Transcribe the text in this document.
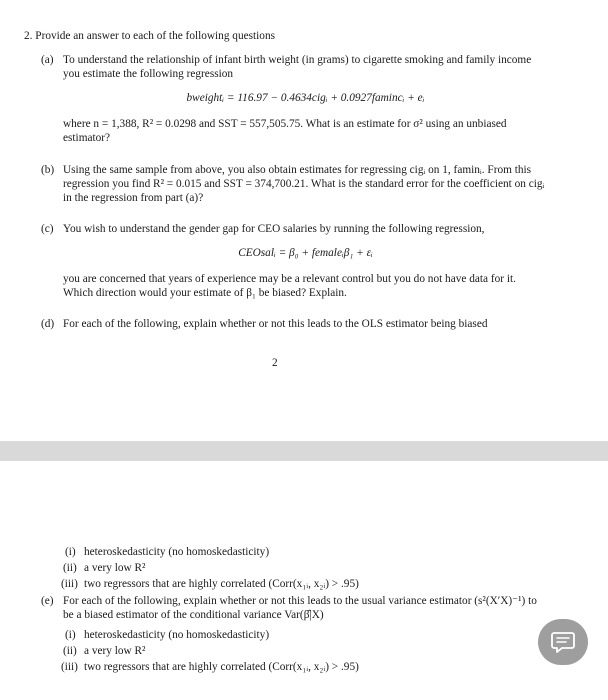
2. Provide an answer to each of the following questions
(a) To understand the relationship of infant birth weight (in grams) to cigarette smoking and family income you estimate the following regression
bweightᵢ = 116.97 − 0.4634cigᵢ + 0.0927famincᵢ + eᵢ
where n = 1,388, R² = 0.0298 and SST = 557,505.75. What is an estimate for σ² using an unbiased estimator?
(b) Using the same sample from above, you also obtain estimates for regressing cigᵢ on 1, faminᵢ. From this regression you find R² = 0.015 and SST = 374,700.21. What is the standard error for the coefficient on cigᵢ in the regression from part (a)?
(c) You wish to understand the gender gap for CEO salaries by running the following regression,
CEOsalᵢ = β₀ + femaleᵢβ₁ + εᵢ
you are concerned that years of experience may be a relevant control but you do not have data for it. Which direction would your estimate of β₁ be biased? Explain.
(d) For each of the following, explain whether or not this leads to the OLS estimator being biased
2
(i) heteroskedasticity (no homoskedasticity)
(ii) a very low R²
(iii) two regressors that are highly correlated (Corr(x₁ᵢ, x₂ᵢ) > .95)
(e) For each of the following, explain whether or not this leads to the usual variance estimator (s²(X′X)⁻¹) to be a biased estimator of the conditional variance Var(β̂|X)
(i) heteroskedasticity (no homoskedasticity)
(ii) a very low R²
(iii) two regressors that are highly correlated (Corr(x₁ᵢ, x₂ᵢ) > .95)
